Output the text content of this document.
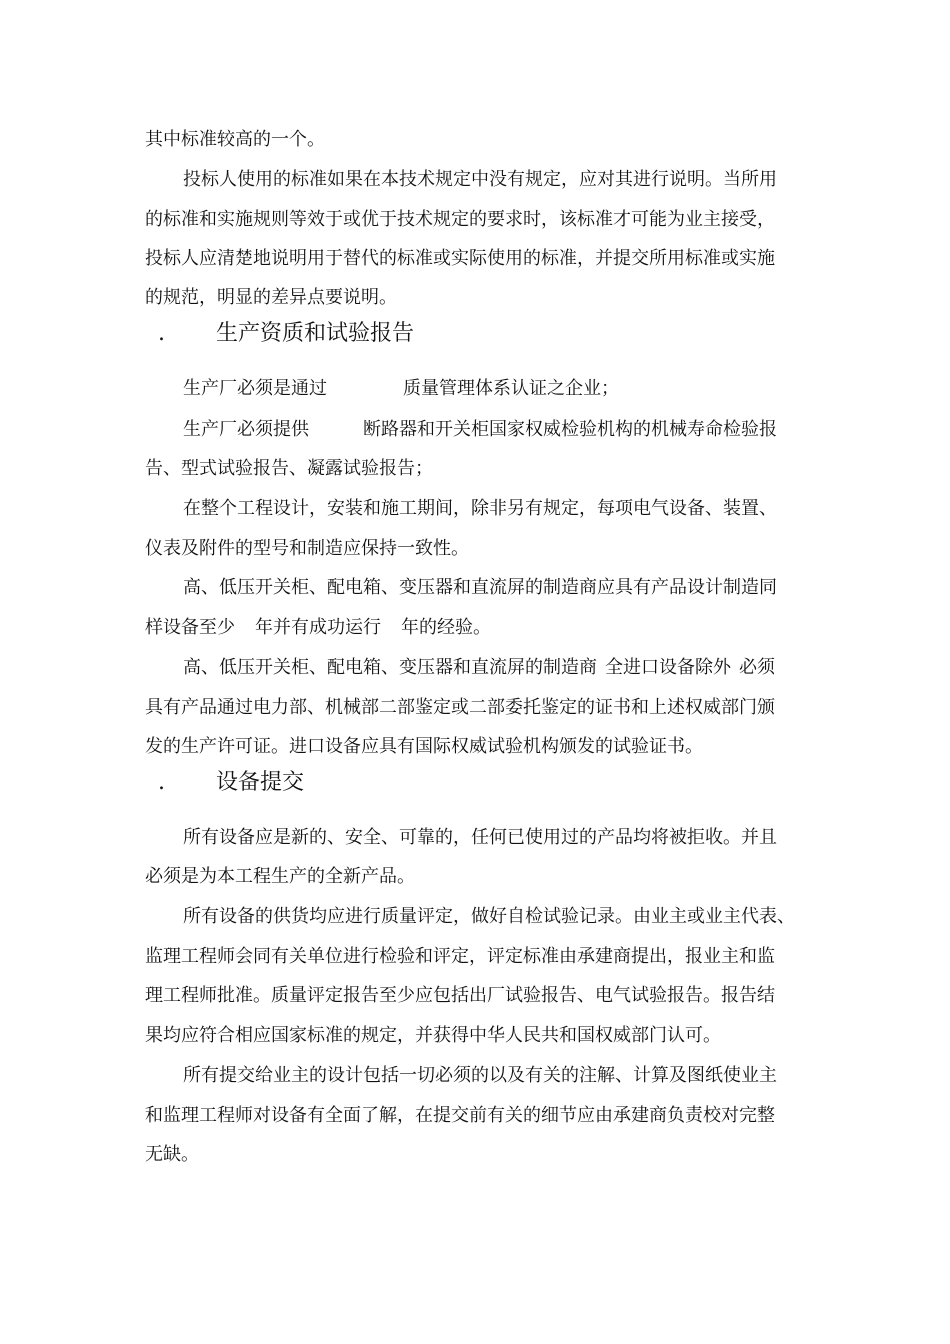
其中标准较高的一个。
投标人使用的标准如果在本技术规定中没有规定，应对其进行说明。当所用
的标准和实施规则等效于或优于技术规定的要求时，该标准才可能为业主接受，
投标人应清楚地说明用于替代的标准或实际使用的标准，并提交所用标准或实施
的规范，明显的差异点要说明。
. 生产资质和试验报告
生产厂必须是通过	质量管理体系认证之企业；
生产厂必须提供	断路器和开关柜国家权威检验机构的机械寿命检验报
告、型式试验报告、凝露试验报告；
在整个工程设计，安装和施工期间，除非另有规定，每项电气设备、装置、
仪表及附件的型号和制造应保持一致性。
高、低压开关柜、配电箱、变压器和直流屏的制造商应具有产品设计制造同
样设备至少 年并有成功运行 年的经验。
高、低压开关柜、配电箱、变压器和直流屏的制造商 全进口设备除外 必须
具有产品通过电力部、机械部二部鉴定或二部委托鉴定的证书和上述权威部门颁
发的生产许可证。进口设备应具有国际权威试验机构颁发的试验证书。
. 设备提交
所有设备应是新的、安全、可靠的，任何已使用过的产品均将被拒收。并且
必须是为本工程生产的全新产品。
所有设备的供货均应进行质量评定，做好自检试验记录。由业主或业主代表、
监理工程师会同有关单位进行检验和评定，评定标准由承建商提出，报业主和监
理工程师批准。质量评定报告至少应包括出厂试验报告、电气试验报告。报告结
果均应符合相应国家标准的规定，并获得中华人民共和国权威部门认可。
所有提交给业主的设计包括一切必须的以及有关的注解、计算及图纸使业主
和监理工程师对设备有全面了解，在提交前有关的细节应由承建商负责校对完整
无缺。
